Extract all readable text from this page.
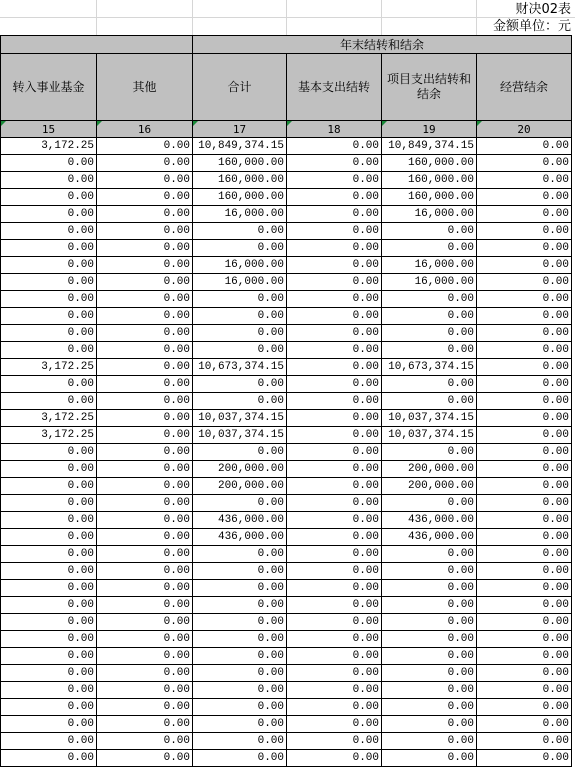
财决02表
金额单位：元
		年末结转和结余			
转入事业基金	其他	合计	基本支出结转	项目支出结转和结余	经营结余

15	16	17	18	19	20
3,172.25	0.00	10,849,374.15	0.00	10,849,374.15	0.00
0.00	0.00	160,000.00	0.00	160,000.00	0.00
0.00	0.00	160,000.00	0.00	160,000.00	0.00
0.00	0.00	160,000.00	0.00	160,000.00	0.00
0.00	0.00	16,000.00	0.00	16,000.00	0.00
0.00	0.00	0.00	0.00	0.00	0.00
0.00	0.00	0.00	0.00	0.00	0.00
0.00	0.00	16,000.00	0.00	16,000.00	0.00
0.00	0.00	16,000.00	0.00	16,000.00	0.00
0.00	0.00	0.00	0.00	0.00	0.00
0.00	0.00	0.00	0.00	0.00	0.00
0.00	0.00	0.00	0.00	0.00	0.00
0.00	0.00	0.00	0.00	0.00	0.00
3,172.25	0.00	10,673,374.15	0.00	10,673,374.15	0.00
0.00	0.00	0.00	0.00	0.00	0.00
0.00	0.00	0.00	0.00	0.00	0.00
3,172.25	0.00	10,037,374.15	0.00	10,037,374.15	0.00
3,172.25	0.00	10,037,374.15	0.00	10,037,374.15	0.00
0.00	0.00	0.00	0.00	0.00	0.00
0.00	0.00	200,000.00	0.00	200,000.00	0.00
0.00	0.00	200,000.00	0.00	200,000.00	0.00
0.00	0.00	0.00	0.00	0.00	0.00
0.00	0.00	436,000.00	0.00	436,000.00	0.00
0.00	0.00	436,000.00	0.00	436,000.00	0.00
0.00	0.00	0.00	0.00	0.00	0.00
0.00	0.00	0.00	0.00	0.00	0.00
0.00	0.00	0.00	0.00	0.00	0.00
0.00	0.00	0.00	0.00	0.00	0.00
0.00	0.00	0.00	0.00	0.00	0.00
0.00	0.00	0.00	0.00	0.00	0.00
0.00	0.00	0.00	0.00	0.00	0.00
0.00	0.00	0.00	0.00	0.00	0.00
0.00	0.00	0.00	0.00	0.00	0.00
0.00	0.00	0.00	0.00	0.00	0.00
0.00	0.00	0.00	0.00	0.00	0.00
0.00	0.00	0.00	0.00	0.00	0.00
0.00	0.00	0.00	0.00	0.00	0.00
